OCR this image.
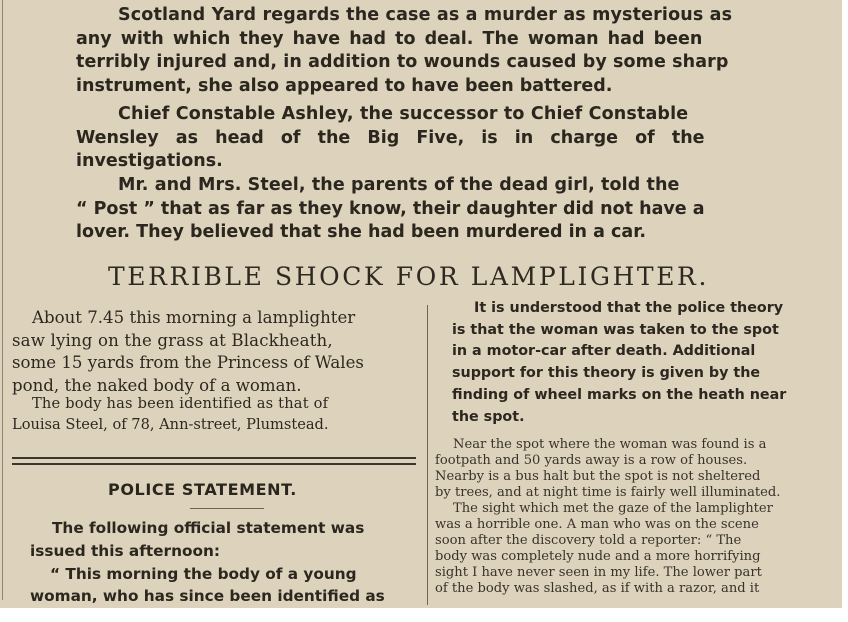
Scotland Yard regards the case as a murder as mysterious as
any with which they have had to deal. The woman had been
terribly injured and, in addition to wounds caused by some sharp
instrument, she also appeared to have been battered.
Chief Constable Ashley, the successor to Chief Constable
Wensley as head of the Big Five, is in charge of the
investigations.
Mr. and Mrs. Steel, the parents of the dead girl, told the
“ Post ” that as far as they know, their daughter did not have a
lover. They believed that she had been murdered in a car.
TERRIBLE SHOCK FOR LAMPLIGHTER.
About 7.45 this morning a lamplighter
saw lying on the grass at Blackheath,
some 15 yards from the Princess of Wales
pond, the naked body of a woman.
The body has been identified as that of
Louisa Steel, of 78, Ann-street, Plumstead.
POLICE STATEMENT.
The following official statement was
issued this afternoon:
“ This morning the body of a young
woman, who has since been identified as
It is understood that the police theory
is that the woman was taken to the spot
in a motor-car after death. Additional
support for this theory is given by the
finding of wheel marks on the heath near
the spot.
Near the spot where the woman was found is a
footpath and 50 yards away is a row of houses.
Nearby is a bus halt but the spot is not sheltered
by trees, and at night time is fairly well illuminated.
The sight which met the gaze of the lamplighter
was a horrible one. A man who was on the scene
soon after the discovery told a reporter: “ The
body was completely nude and a more horrifying
sight I have never seen in my life. The lower part
of the body was slashed, as if with a razor, and it
